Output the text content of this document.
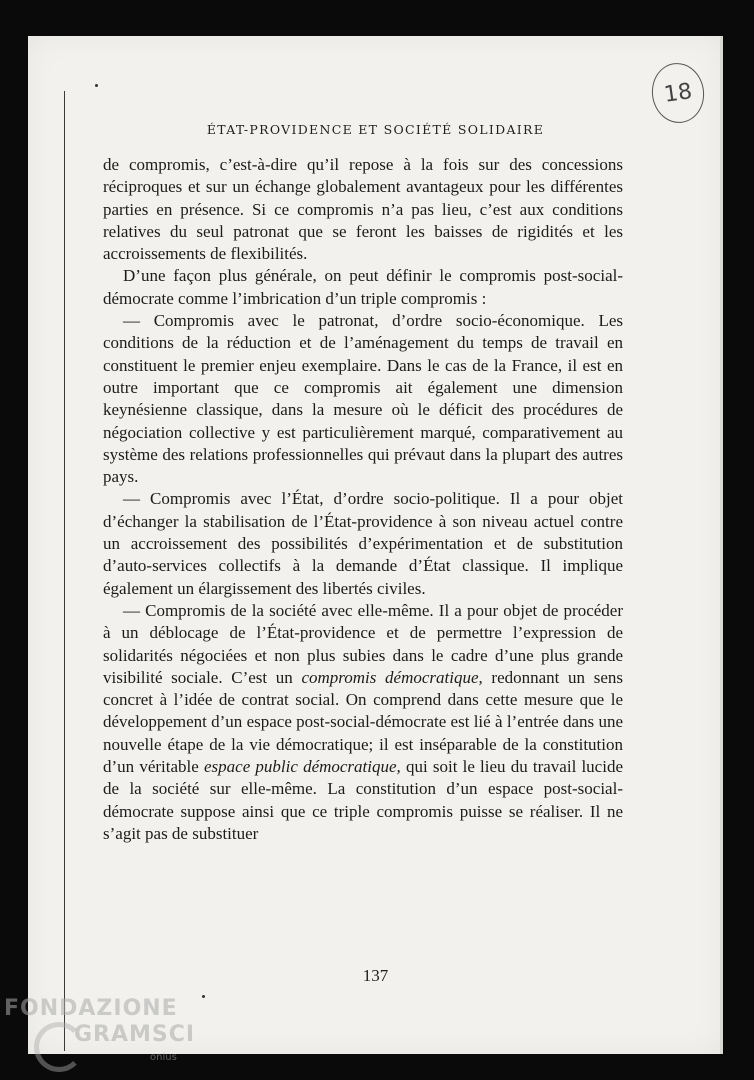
18
ÉTAT-PROVIDENCE ET SOCIÉTÉ SOLIDAIRE

de compromis, c’est-à-dire qu’il repose à la fois sur des concessions réciproques et sur un échange globalement avantageux pour les différentes parties en présence. Si ce compromis n’a pas lieu, c’est aux conditions relatives du seul patronat que se feront les baisses de rigidités et les accroissements de flexibilités.

D’une façon plus générale, on peut définir le compromis post-social-démocrate comme l’imbrication d’un triple compromis :

— Compromis avec le patronat, d’ordre socio-économique. Les conditions de la réduction et de l’aménagement du temps de travail en constituent le premier enjeu exemplaire. Dans le cas de la France, il est en outre important que ce compromis ait également une dimension keynésienne classique, dans la mesure où le déficit des procédures de négociation collective y est particulièrement marqué, comparativement au système des relations professionnelles qui prévaut dans la plupart des autres pays.

— Compromis avec l’État, d’ordre socio-politique. Il a pour objet d’échanger la stabilisation de l’État-providence à son niveau actuel contre un accroissement des possibilités d’expérimentation et de substitution d’auto-services collectifs à la demande d’État classique. Il implique également un élargissement des libertés civiles.

— Compromis de la société avec elle-même. Il a pour objet de procéder à un déblocage de l’État-providence et de permettre l’expression de solidarités négociées et non plus subies dans le cadre d’une plus grande visibilité sociale. C’est un compromis démocratique, redonnant un sens concret à l’idée de contrat social. On comprend dans cette mesure que le développement d’un espace post-social-démocrate est lié à l’entrée dans une nouvelle étape de la vie démocratique; il est inséparable de la constitution d’un véritable espace public démocratique, qui soit le lieu du travail lucide de la société sur elle-même. La constitution d’un espace post-social-démocrate suppose ainsi que ce triple compromis puisse se réaliser. Il ne s’agit pas de substituer

137
FONDAZIONE
GRAMSCI
onlus
